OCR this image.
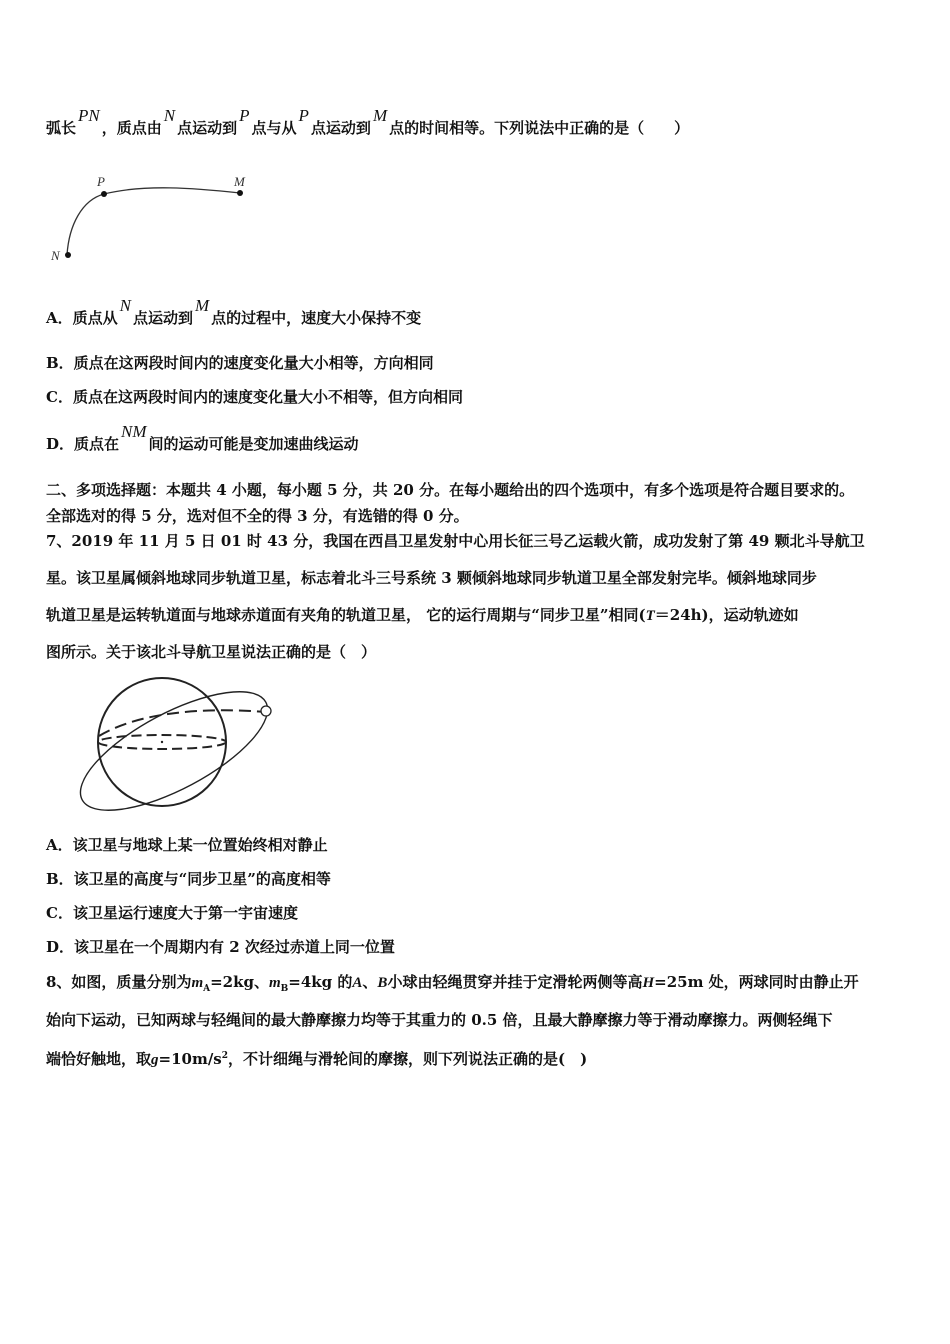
弧长PN，质点由N点运动到P点与从P点运动到M点的时间相等。下列说法中正确的是（　　）
P	M
N
A．质点从N点运动到M点的过程中，速度大小保持不变
B．质点在这两段时间内的速度变化量大小相等，方向相同
C．质点在这两段时间内的速度变化量大小不相等，但方向相同
D．质点在NM间的运动可能是变加速曲线运动
二、多项选择题：本题共 4 小题，每小题 5 分，共 20 分。在每小题给出的四个选项中，有多个选项是符合题目要求的。
全部选对的得 5 分，选对但不全的得 3 分，有选错的得 0 分。
7、2019 年 11 月 5 日 01 时 43 分，我国在西昌卫星发射中心用长征三号乙运载火箭，成功发射了第 49 颗北斗导航卫
星。该卫星属倾斜地球同步轨道卫星，标志着北斗三号系统 3 颗倾斜地球同步轨道卫星全部发射完毕。倾斜地球同步
轨道卫星是运转轨道面与地球赤道面有夹角的轨道卫星， 它的运行周期与“同步卫星”相同(T＝24h)，运动轨迹如
图所示。关于该北斗导航卫星说法正确的是（　）
A．该卫星与地球上某一位置始终相对静止
B．该卫星的高度与“同步卫星”的高度相等
C．该卫星运行速度大于第一宇宙速度
D．该卫星在一个周期内有 2 次经过赤道上同一位置
8、如图，质量分别为$m_A=2kg$、$m_B=4kg$ 的A、B小球由轻绳贯穿并挂于定滑轮两侧等高H=25m 处，两球同时由静止开
始向下运动，已知两球与轻绳间的最大静摩擦力均等于其重力的 0.5 倍，且最大静摩擦力等于滑动摩擦力。两侧轻绳下
端恰好触地，取$g=10m/s^2$，不计细绳与滑轮间的摩擦，则下列说法正确的是(　)
